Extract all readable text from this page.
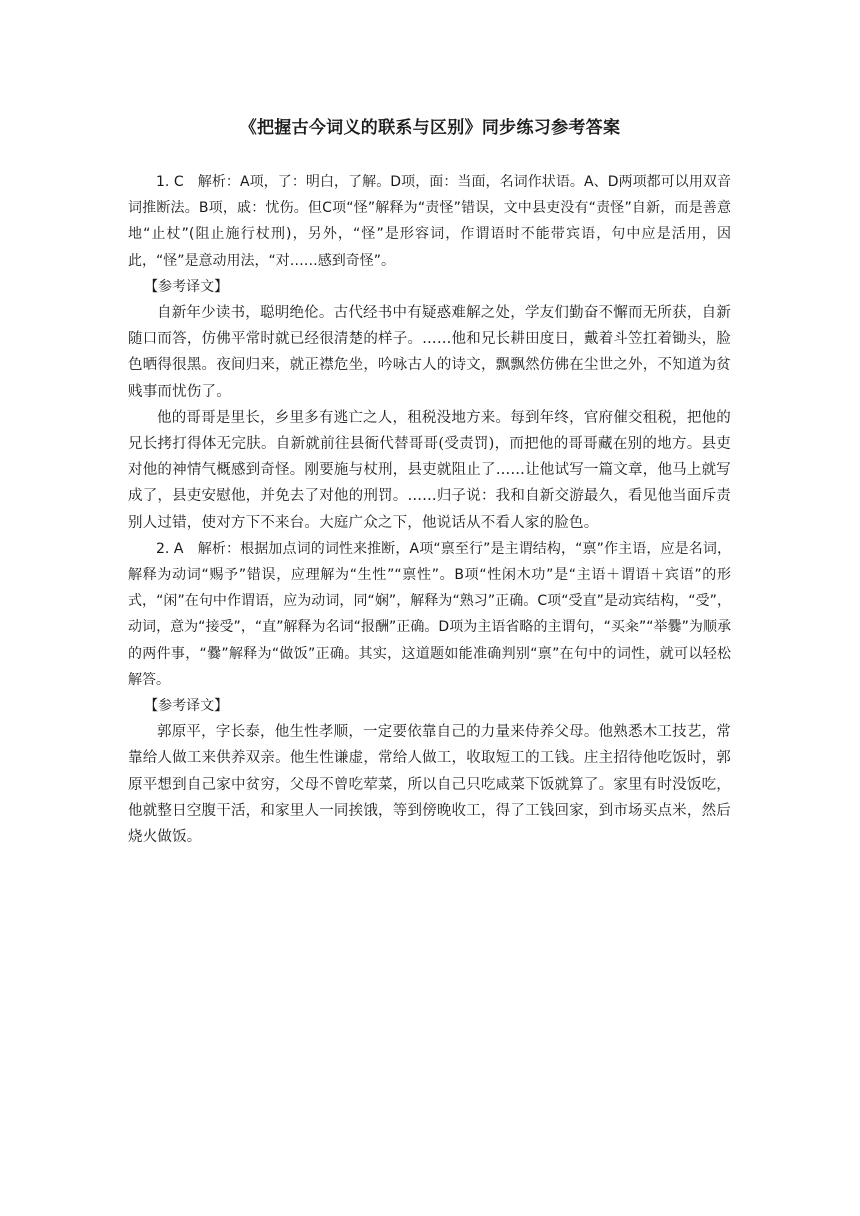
《把握古今词义的联系与区别》同步练习参考答案

1. C　解析：A项，了：明白，了解。D项，面：当面，名词作状语。A、D两项都可以用双音词推断法。B项，戚：忧伤。但C项“怪”解释为“责怪”错误，文中县吏没有“责怪”自新，而是善意地“止杖”(阻止施行杖刑)，另外，“怪”是形容词，作谓语时不能带宾语，句中应是活用，因此，“怪”是意动用法，“对……感到奇怪”。

【参考译文】

自新年少读书，聪明绝伦。古代经书中有疑惑难解之处，学友们勤奋不懈而无所获，自新随口而答，仿佛平常时就已经很清楚的样子。……他和兄长耕田度日，戴着斗笠扛着锄头，脸色晒得很黑。夜间归来，就正襟危坐，吟咏古人的诗文，飘飘然仿佛在尘世之外，不知道为贫贱事而忧伤了。

他的哥哥是里长，乡里多有逃亡之人，租税没地方来。每到年终，官府催交租税，把他的兄长拷打得体无完肤。自新就前往县衙代替哥哥(受责罚)，而把他的哥哥藏在别的地方。县吏对他的神情气概感到奇怪。刚要施与杖刑，县吏就阻止了……让他试写一篇文章，他马上就写成了，县吏安慰他，并免去了对他的刑罚。……归子说：我和自新交游最久，看见他当面斥责别人过错，使对方下不来台。大庭广众之下，他说话从不看人家的脸色。

2. A　解析：根据加点词的词性来推断，A项“禀至行”是主谓结构，“禀”作主语，应是名词，解释为动词“赐予”错误，应理解为“生性”“禀性”。B项“性闲木功”是“主语＋谓语＋宾语”的形式，“闲”在句中作谓语，应为动词，同“娴”，解释为“熟习”正确。C项“受直”是动宾结构，“受”，动词，意为“接受”，“直”解释为名词“报酬”正确。D项为主语省略的主谓句，“买籴”“举爨”为顺承的两件事，“爨”解释为“做饭”正确。其实，这道题如能准确判别“禀”在句中的词性，就可以轻松解答。

【参考译文】

郭原平，字长泰，他生性孝顺，一定要依靠自己的力量来侍养父母。他熟悉木工技艺，常靠给人做工来供养双亲。他生性谦虚，常给人做工，收取短工的工钱。庄主招待他吃饭时，郭原平想到自己家中贫穷，父母不曾吃荤菜，所以自己只吃咸菜下饭就算了。家里有时没饭吃，他就整日空腹干活，和家里人一同挨饿，等到傍晚收工，得了工钱回家，到市场买点米，然后烧火做饭。
